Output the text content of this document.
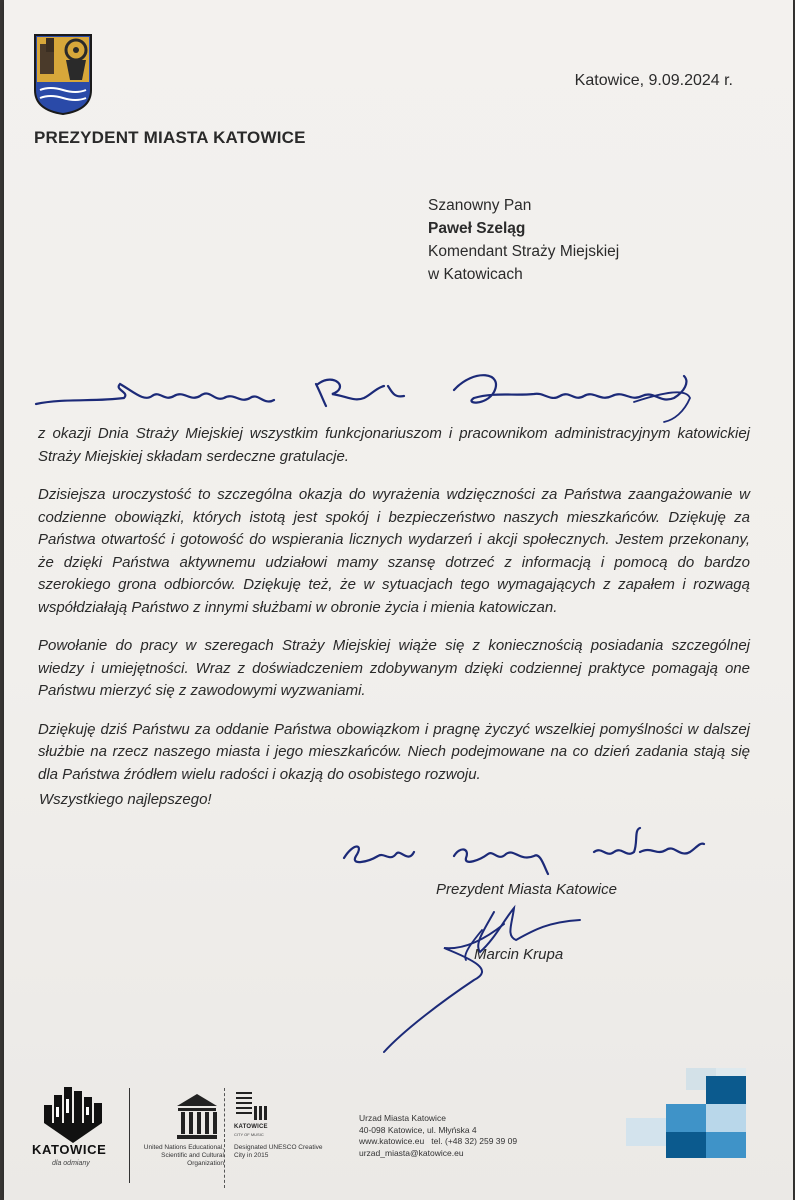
Katowice, 9.09.2024 r.
PREZYDENT MIASTA KATOWICE
Szanowny Pan
Paweł Szeląg
Komendant Straży Miejskiej
w Katowicach

z okazji Dnia Straży Miejskiej wszystkim funkcjonariuszom i pracownikom administracyjnym katowickiej Straży Miejskiej składam serdeczne gratulacje.

Dzisiejsza uroczystość to szczególna okazja do wyrażenia wdzięczności za Państwa zaangażowanie w codzienne obowiązki, których istotą jest spokój i bezpieczeństwo naszych mieszkańców. Dziękuję za Państwa otwartość i gotowość do wspierania licznych wydarzeń i akcji społecznych. Jestem przekonany, że dzięki Państwa aktywnemu udziałowi mamy szansę dotrzeć z informacją i pomocą do bardzo szerokiego grona odbiorców. Dziękuję też, że w sytuacjach tego wymagających z zapałem i rozwagą współdziałają Państwo z innymi służbami w obronie życia i mienia katowiczan.

Powołanie do pracy w szeregach Straży Miejskiej wiąże się z koniecznością posiadania szczególnej wiedzy i umiejętności. Wraz z doświadczeniem zdobywanym dzięki codziennej praktyce pomagają one Państwu mierzyć się z zawodowymi wyzwaniami.

Dziękuję dziś Państwu za oddanie Państwa obowiązkom i pragnę życzyć wszelkiej pomyślności w dalszej służbie na rzecz naszego miasta i jego mieszkańców. Niech podejmowane na co dzień zadania stają się dla Państwa źródłem wielu radości i okazją do osobistego rozwoju.

Wszystkiego najlepszego!
Prezydent Miasta Katowice
Marcin Krupa
KATOWICE
dla odmiany
United Nations Educational, Scientific and Cultural Organization
KATOWICE
CITY OF MUSIC
Designated UNESCO Creative City in 2015
Urzad Miasta Katowice
40-098 Katowice, ul. Młyńska 4
www.katowice.eu tel. (+48 32) 259 39 09
urzad_miasta@katowice.eu
